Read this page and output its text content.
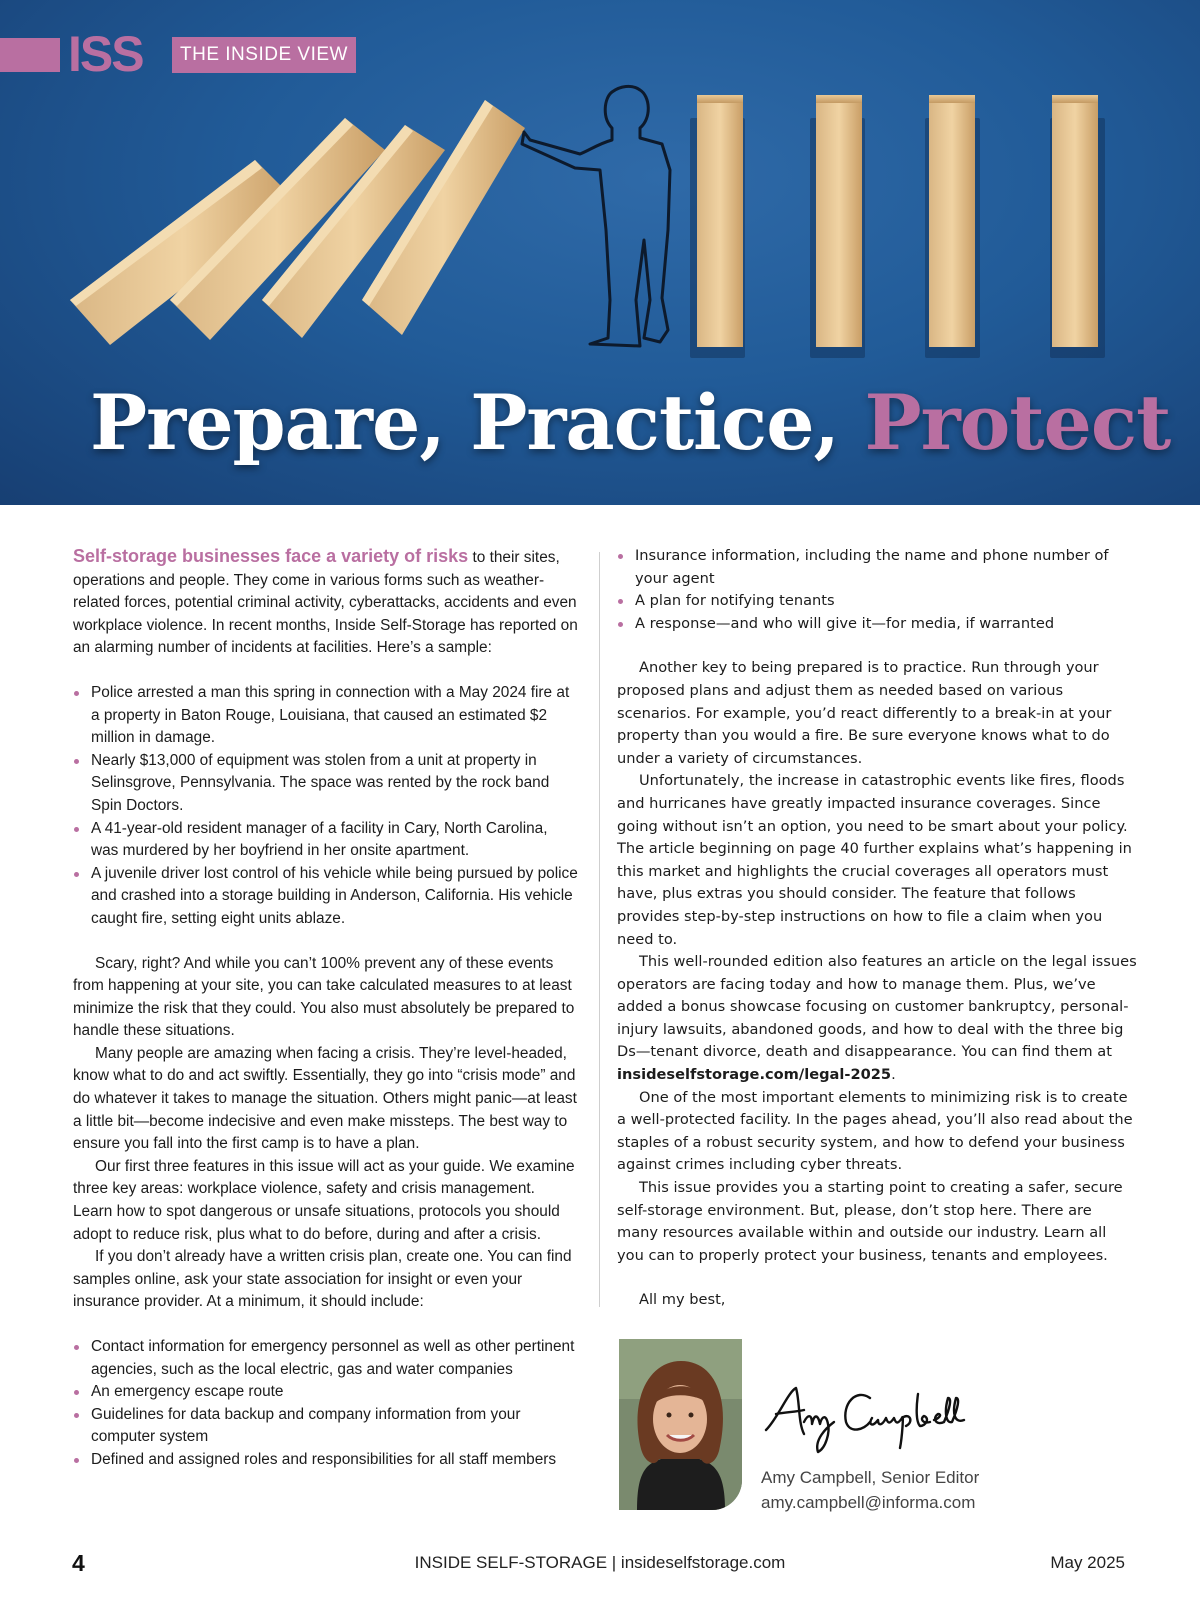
ISS	THE INSIDE VIEW
Prepare, Practice, Protect

Self-storage businesses face a variety of risks to their sites, operations and people. They come in various forms such as weather-related forces, potential criminal activity, cyberattacks, accidents and even workplace violence. In recent months, Inside Self-Storage has reported on an alarming number of incidents at facilities. Here’s a sample:

Police arrested a man this spring in connection with a May 2024 fire at a property in Baton Rouge, Louisiana, that caused an estimated $2 million in damage.
Nearly $13,000 of equipment was stolen from a unit at property in Selinsgrove, Pennsylvania. The space was rented by the rock band Spin Doctors.
A 41-year-old resident manager of a facility in Cary, North Carolina, was murdered by her boyfriend in her onsite apartment.
A juvenile driver lost control of his vehicle while being pursued by police and crashed into a storage building in Anderson, California. His vehicle caught fire, setting eight units ablaze.

Scary, right? And while you can’t 100% prevent any of these events from happening at your site, you can take calculated measures to at least minimize the risk that they could. You also must absolutely be prepared to handle these situations.

Many people are amazing when facing a crisis. They’re level-headed, know what to do and act swiftly. Essentially, they go into “crisis mode” and do whatever it takes to manage the situation. Others might panic—at least a little bit—become indecisive and even make missteps. The best way to ensure you fall into the first camp is to have a plan.

Our first three features in this issue will act as your guide. We examine three key areas: workplace violence, safety and crisis management. Learn how to spot dangerous or unsafe situations, protocols you should adopt to reduce risk, plus what to do before, during and after a crisis.

If you don’t already have a written crisis plan, create one. You can find samples online, ask your state association for insight or even your insurance provider. At a minimum, it should include:

Contact information for emergency personnel as well as other pertinent agencies, such as the local electric, gas and water companies
An emergency escape route
Guidelines for data backup and company information from your computer system
Defined and assigned roles and responsibilities for all staff members
Insurance information, including the name and phone number of your agent
A plan for notifying tenants
A response—and who will give it—for media, if warranted

Another key to being prepared is to practice. Run through your proposed plans and adjust them as needed based on various scenarios. For example, you’d react differently to a break-in at your property than you would a fire. Be sure everyone knows what to do under a variety of circumstances.

Unfortunately, the increase in catastrophic events like fires, floods and hurricanes have greatly impacted insurance coverages. Since going without isn’t an option, you need to be smart about your policy. The article beginning on page 40 further explains what’s happening in this market and highlights the crucial coverages all operators must have, plus extras you should consider. The feature that follows provides step-by-step instructions on how to file a claim when you need to.

This well-rounded edition also features an article on the legal issues operators are facing today and how to manage them. Plus, we’ve added a bonus showcase focusing on customer bankruptcy, personal-injury lawsuits, abandoned goods, and how to deal with the three big Ds—tenant divorce, death and disappearance. You can find them at insideselfstorage.com/legal-2025.

One of the most important elements to minimizing risk is to create a well-protected facility. In the pages ahead, you’ll also read about the staples of a robust security system, and how to defend your business against crimes including cyber threats.

This issue provides you a starting point to creating a safer, secure self-storage environment. But, please, don’t stop here. There are many resources available within and outside our industry. Learn all you can to properly protect your business, tenants and employees.

All my best,

Amy Campbell, Senior Editor
amy.campbell@informa.com
INSIDE SELF-STORAGE | insideselfstorage.com
4	May 2025
